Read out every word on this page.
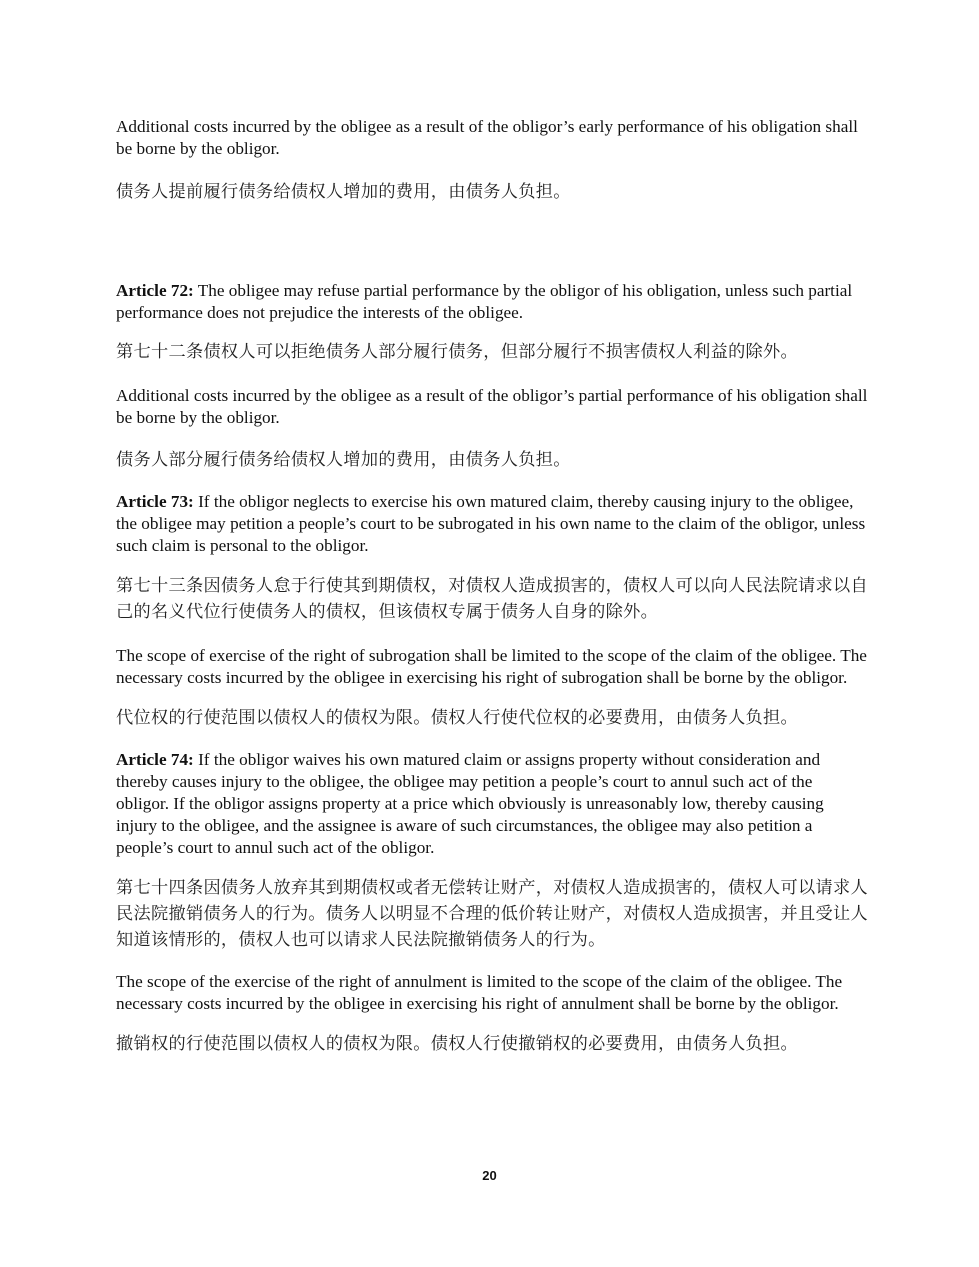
Additional costs incurred by the obligee as a result of the obligor’s early performance of his obligation shall be borne by the obligor.

债务人提前履行债务给债权人增加的费用，由债务人负担。

Article 72: The obligee may refuse partial performance by the obligor of his obligation, unless such partial performance does not prejudice the interests of the obligee.

第七十二条债权人可以拒绝债务人部分履行债务，但部分履行不损害债权人利益的除外。

Additional costs incurred by the obligee as a result of the obligor’s partial performance of his obligation shall be borne by the obligor.

债务人部分履行债务给债权人增加的费用，由债务人负担。

Article 73: If the obligor neglects to exercise his own matured claim, thereby causing injury to the obligee, the obligee may petition a people’s court to be subrogated in his own name to the claim of the obligor, unless such claim is personal to the obligor.

第七十三条因债务人怠于行使其到期债权，对债权人造成损害的，债权人可以向人民法院请求以自己的名义代位行使债务人的债权，但该债权专属于债务人自身的除外。

The scope of exercise of the right of subrogation shall be limited to the scope of the claim of the obligee. The necessary costs incurred by the obligee in exercising his right of subrogation shall be borne by the obligor.

代位权的行使范围以债权人的债权为限。债权人行使代位权的必要费用，由债务人负担。

Article 74: If the obligor waives his own matured claim or assigns property without consideration and thereby causes injury to the obligee, the obligee may petition a people’s court to annul such act of the obligor. If the obligor assigns property at a price which obviously is unreasonably low, thereby causing injury to the obligee, and the assignee is aware of such circumstances, the obligee may also petition a people’s court to annul such act of the obligor.

第七十四条因债务人放弃其到期债权或者无偿转让财产，对债权人造成损害的，债权人可以请求人民法院撤销债务人的行为。债务人以明显不合理的低价转让财产，对债权人造成损害，并且受让人知道该情形的，债权人也可以请求人民法院撤销债务人的行为。

The scope of the exercise of the right of annulment is limited to the scope of the claim of the obligee. The necessary costs incurred by the obligee in exercising his right of annulment shall be borne by the obligor.

撤销权的行使范围以债权人的债权为限。债权人行使撤销权的必要费用，由债务人负担。

20
